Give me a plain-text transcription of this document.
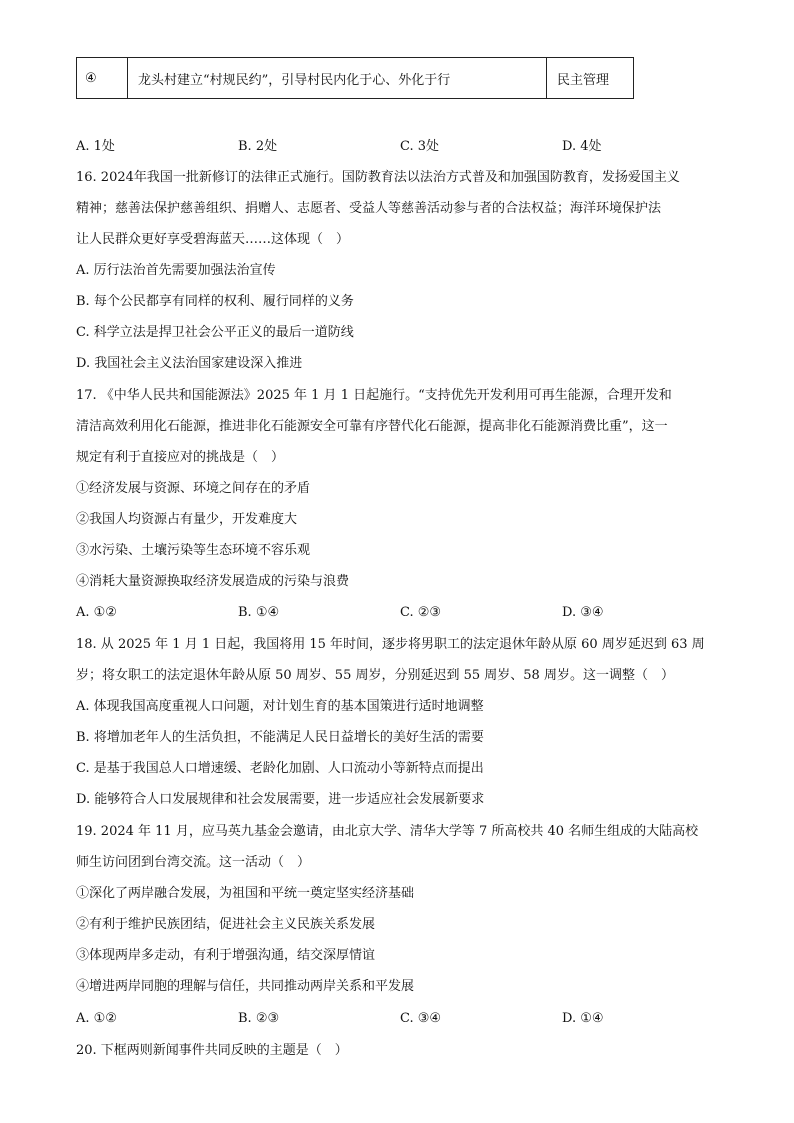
④	龙头村建立“村规民约”，引导村民内化于心、外化于行	民主管理
A. 1处	B. 2处	C. 3处	D. 4处
16. 2024年我国一批新修订的法律正式施行。国防教育法以法治方式普及和加强国防教育，发扬爱国主义
精神；慈善法保护慈善组织、捐赠人、志愿者、受益人等慈善活动参与者的合法权益；海洋环境保护法
让人民群众更好享受碧海蓝天……这体现（　）
A. 厉行法治首先需要加强法治宣传
B. 每个公民都享有同样的权利、履行同样的义务
C. 科学立法是捍卫社会公平正义的最后一道防线
D. 我国社会主义法治国家建设深入推进
17. 《中华人民共和国能源法》2025 年 1 月 1 日起施行。“支持优先开发利用可再生能源，合理开发和
清洁高效利用化石能源，推进非化石能源安全可靠有序替代化石能源，提高非化石能源消费比重”，这一
规定有利于直接应对的挑战是（　）
①经济发展与资源、环境之间存在的矛盾
②我国人均资源占有量少，开发难度大
③水污染、土壤污染等生态环境不容乐观
④消耗大量资源换取经济发展造成的污染与浪费
A. ①②	B. ①④	C. ②③	D. ③④
18. 从 2025 年 1 月 1 日起，我国将用 15 年时间，逐步将男职工的法定退休年龄从原 60 周岁延迟到 63 周
岁；将女职工的法定退休年龄从原 50 周岁、55 周岁，分别延迟到 55 周岁、58 周岁。这一调整（　）
A. 体现我国高度重视人口问题，对计划生育的基本国策进行适时地调整
B. 将增加老年人的生活负担，不能满足人民日益增长的美好生活的需要
C. 是基于我国总人口增速缓、老龄化加剧、人口流动小等新特点而提出
D. 能够符合人口发展规律和社会发展需要，进一步适应社会发展新要求
19. 2024 年 11 月，应马英九基金会邀请，由北京大学、清华大学等 7 所高校共 40 名师生组成的大陆高校
师生访问团到台湾交流。这一活动（　）
①深化了两岸融合发展，为祖国和平统一奠定坚实经济基础
②有利于维护民族团结，促进社会主义民族关系发展
③体现两岸多走动，有利于增强沟通，结交深厚情谊
④增进两岸同胞的理解与信任，共同推动两岸关系和平发展
A. ①②	B. ②③	C. ③④	D. ①④
20. 下框两则新闻事件共同反映的主题是（　）
